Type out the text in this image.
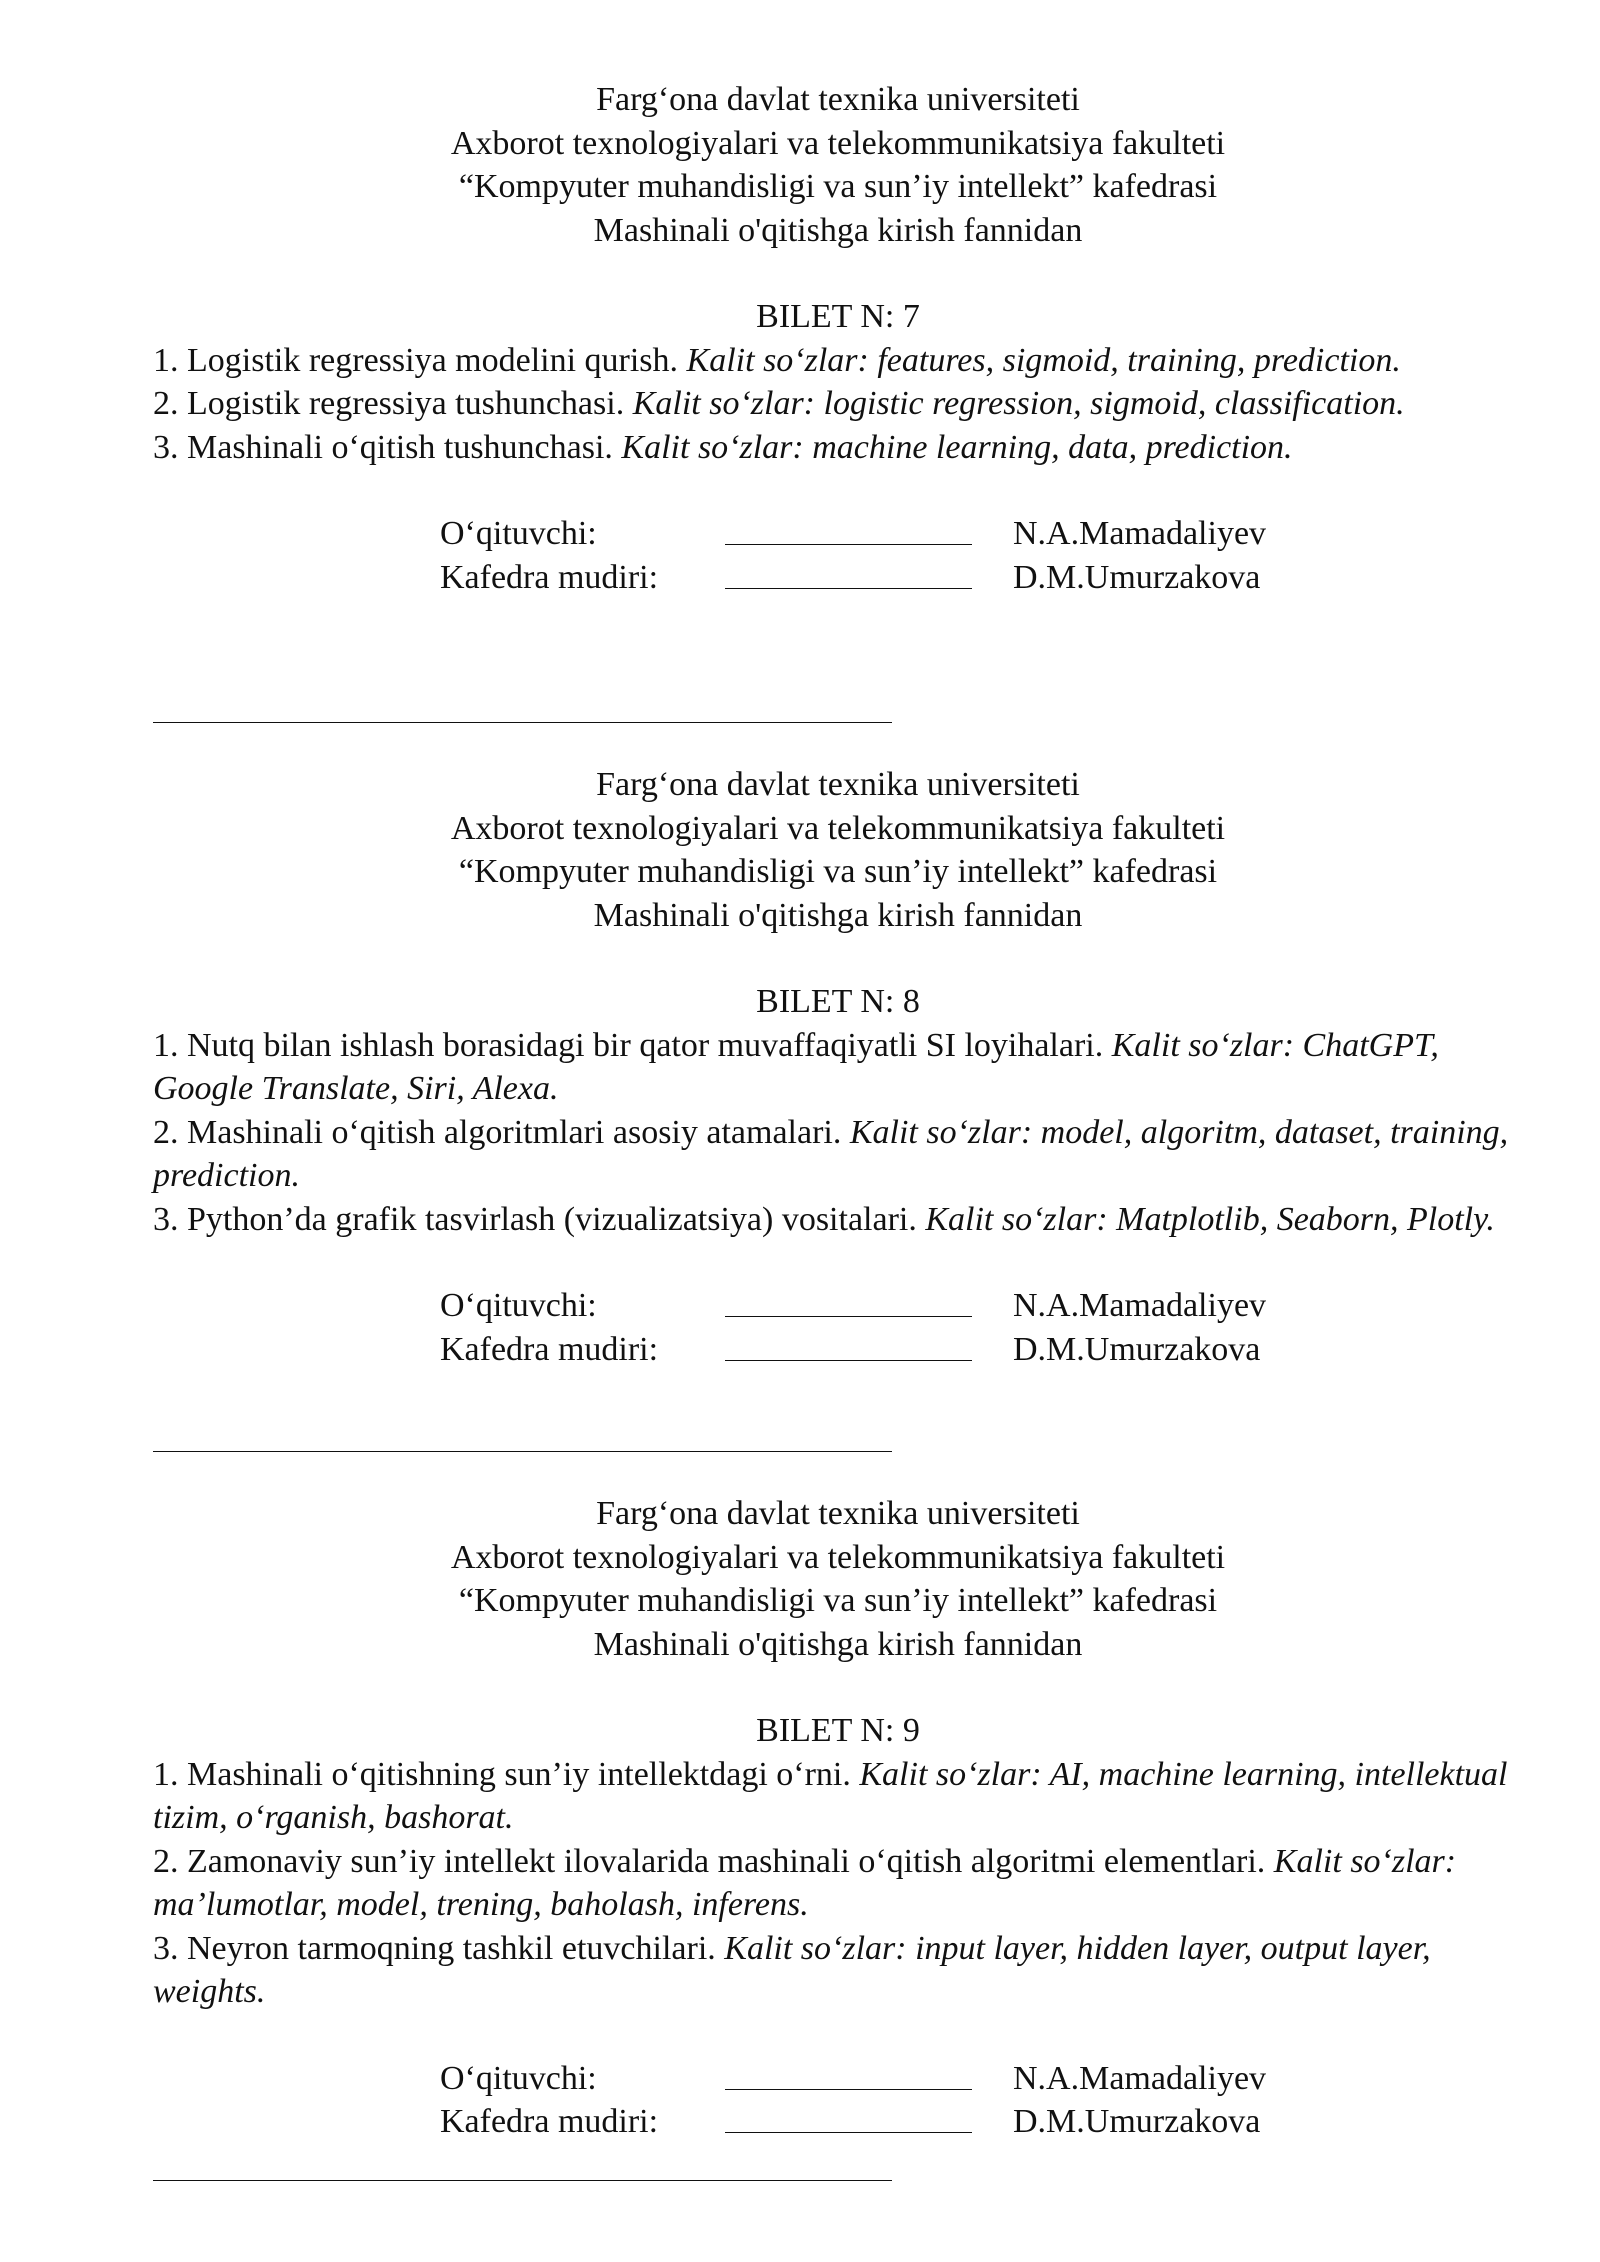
Farg‘ona davlat texnika universiteti
Axborot texnologiyalari va telekommunikatsiya fakulteti
“Kompyuter muhandisligi va sun’iy intellekt” kafedrasi
Mashinali o'qitishga kirish fannidan
BILET N: 7
1. Logistik regressiya modelini qurish. Kalit so‘zlar: features, sigmoid, training, prediction.
2. Logistik regressiya tushunchasi. Kalit so‘zlar: logistic regression, sigmoid, classification.
3. Mashinali o‘qitish tushunchasi. Kalit so‘zlar: machine learning, data, prediction.
O‘qituvchi:	N.A.Mamadaliyev
Kafedra mudiri:	D.M.Umurzakova
Farg‘ona davlat texnika universiteti
Axborot texnologiyalari va telekommunikatsiya fakulteti
“Kompyuter muhandisligi va sun’iy intellekt” kafedrasi
Mashinali o'qitishga kirish fannidan
BILET N: 8
1. Nutq bilan ishlash borasidagi bir qator muvaffaqiyatli SI loyihalari. Kalit so‘zlar: ChatGPT, Google Translate, Siri, Alexa.
2. Mashinali o‘qitish algoritmlari asosiy atamalari. Kalit so‘zlar: model, algoritm, dataset, training, prediction.
3. Python’da grafik tasvirlash (vizualizatsiya) vositalari. Kalit so‘zlar: Matplotlib, Seaborn, Plotly.
O‘qituvchi:	N.A.Mamadaliyev
Kafedra mudiri:	D.M.Umurzakova
Farg‘ona davlat texnika universiteti
Axborot texnologiyalari va telekommunikatsiya fakulteti
“Kompyuter muhandisligi va sun’iy intellekt” kafedrasi
Mashinali o'qitishga kirish fannidan
BILET N: 9
1. Mashinali o‘qitishning sun’iy intellektdagi o‘rni. Kalit so‘zlar: AI, machine learning, intellektual tizim, o‘rganish, bashorat.
2. Zamonaviy sun’iy intellekt ilovalarida mashinali o‘qitish algoritmi elementlari. Kalit so‘zlar: ma’lumotlar, model, trening, baholash, inferens.
3. Neyron tarmoqning tashkil etuvchilari. Kalit so‘zlar: input layer, hidden layer, output layer, weights.
O‘qituvchi:	N.A.Mamadaliyev
Kafedra mudiri:	D.M.Umurzakova
